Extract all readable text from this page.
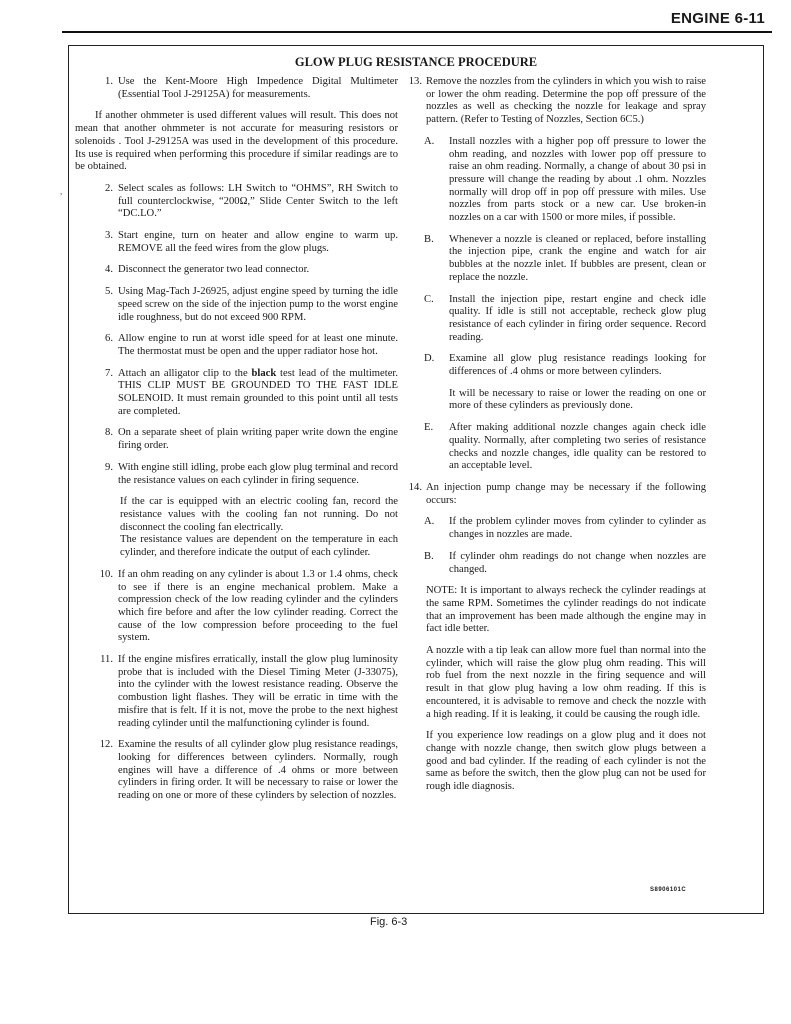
ENGINE 6-11
GLOW PLUG RESISTANCE PROCEDURE
,
1. Use the Kent-Moore High Impedence Digital Multimeter (Essential Tool J-29125A) for measurements.

If another ohmmeter is used different values will result. This does not mean that another ohmmeter is not accurate for measuring resistors or solenoids . Tool J-29125A was used in the development of this procedure. Its use is required when performing this procedure if similar readings are to be obtained.

2. Select scales as follows: LH Switch to “OHMS”, RH Switch to full counterclockwise, “200Ω,” Slide Center Switch to the left “DC.LO.”
3. Start engine, turn on heater and allow engine to warm up. REMOVE all the feed wires from the glow plugs.
4. Disconnect the generator two lead connector.
5. Using Mag-Tach J-26925, adjust engine speed by turning the idle speed screw on the side of the injection pump to the worst engine idle roughness, but do not exceed 900 RPM.
6. Allow engine to run at worst idle speed for at least one minute. The thermostat must be open and the upper radiator hose hot.
7. Attach an alligator clip to the black test lead of the multimeter. THIS CLIP MUST BE GROUNDED TO THE FAST IDLE SOLENOID. It must remain grounded to this point until all tests are completed.
8. On a separate sheet of plain writing paper write down the engine firing order.
9. With engine still idling, probe each glow plug terminal and record the resistance values on each cylinder in firing sequence.

If the car is equipped with an electric cooling fan, record the resistance values with the cooling fan not running. Do not disconnect the cooling fan electrically.

The resistance values are dependent on the temperature in each cylinder, and therefore indicate the output of each cylinder.

10. If an ohm reading on any cylinder is about 1.3 or 1.4 ohms, check to see if there is an engine mechanical problem. Make a compression check of the low reading cylinder and the cylinders which fire before and after the low cylinder reading. Correct the cause of the low compression before proceeding to the fuel system.
11. If the engine misfires erratically, install the glow plug luminosity probe that is included with the Diesel Timing Meter (J-33075), into the cylinder with the lowest resistance reading. Observe the combustion light flashes. They will be erratic in time with the misfire that is felt. If it is not, move the probe to the next highest reading cylinder until the malfunctioning cylinder is found.
12. Examine the results of all cylinder glow plug resistance readings, looking for differences between cylinders. Normally, rough engines will have a difference of .4 ohms or more between cylinders in firing order. It will be necessary to raise or lower the reading on one or more of these cylinders by selection of nozzles.
13. Remove the nozzles from the cylinders in which you wish to raise or lower the ohm reading. Determine the pop off pressure of the nozzles as well as checking the nozzle for leakage and spray pattern. (Refer to Testing of Nozzles, Section 6C5.)
A. Install nozzles with a higher pop off pressure to lower the ohm reading, and nozzles with lower pop off pressure to raise an ohm reading. Normally, a change of about 30 psi in pressure will change the reading by about .1 ohm. Nozzles normally will drop off in pop off pressure with miles. Use nozzles from parts stock or a new car. Use broken-in nozzles on a car with 1500 or more miles, if possible.
B. Whenever a nozzle is cleaned or replaced, before installing the injection pipe, crank the engine and watch for air bubbles at the nozzle inlet. If bubbles are present, clean or replace the nozzle.
C. Install the injection pipe, restart engine and check idle quality. If idle is still not acceptable, recheck glow plug resistance of each cylinder in firing order sequence. Record reading.
D. Examine all glow plug resistance readings looking for differences of .4 ohms or more between cylinders.

It will be necessary to raise or lower the reading on one or more of these cylinders as previously done.

E. After making additional nozzle changes again check idle quality. Normally, after completing two series of resistance checks and nozzle changes, idle quality can be restored to an acceptable level.
14. An injection pump change may be necessary if the following occurs:
A. If the problem cylinder moves from cylinder to cylinder as changes in nozzles are made.
B. If cylinder ohm readings do not change when nozzles are changed.

NOTE: It is important to always recheck the cylinder readings at the same RPM. Sometimes the cylinder readings do not indicate that an improvement has been made although the engine may in fact idle better.

A nozzle with a tip leak can allow more fuel than normal into the cylinder, which will raise the glow plug ohm reading. This will rob fuel from the next nozzle in the firing sequence and will result in that glow plug having a low ohm reading. If this is encountered, it is advisable to remove and check the nozzle with a high reading. If it is leaking, it could be causing the rough idle.

If you experience low readings on a glow plug and it does not change with nozzle change, then switch glow plugs between a good and bad cylinder. If the reading of each cylinder is not the same as before the switch, then the glow plug can not be used for rough idle diagnosis.

S8906101C
Fig. 6-3
